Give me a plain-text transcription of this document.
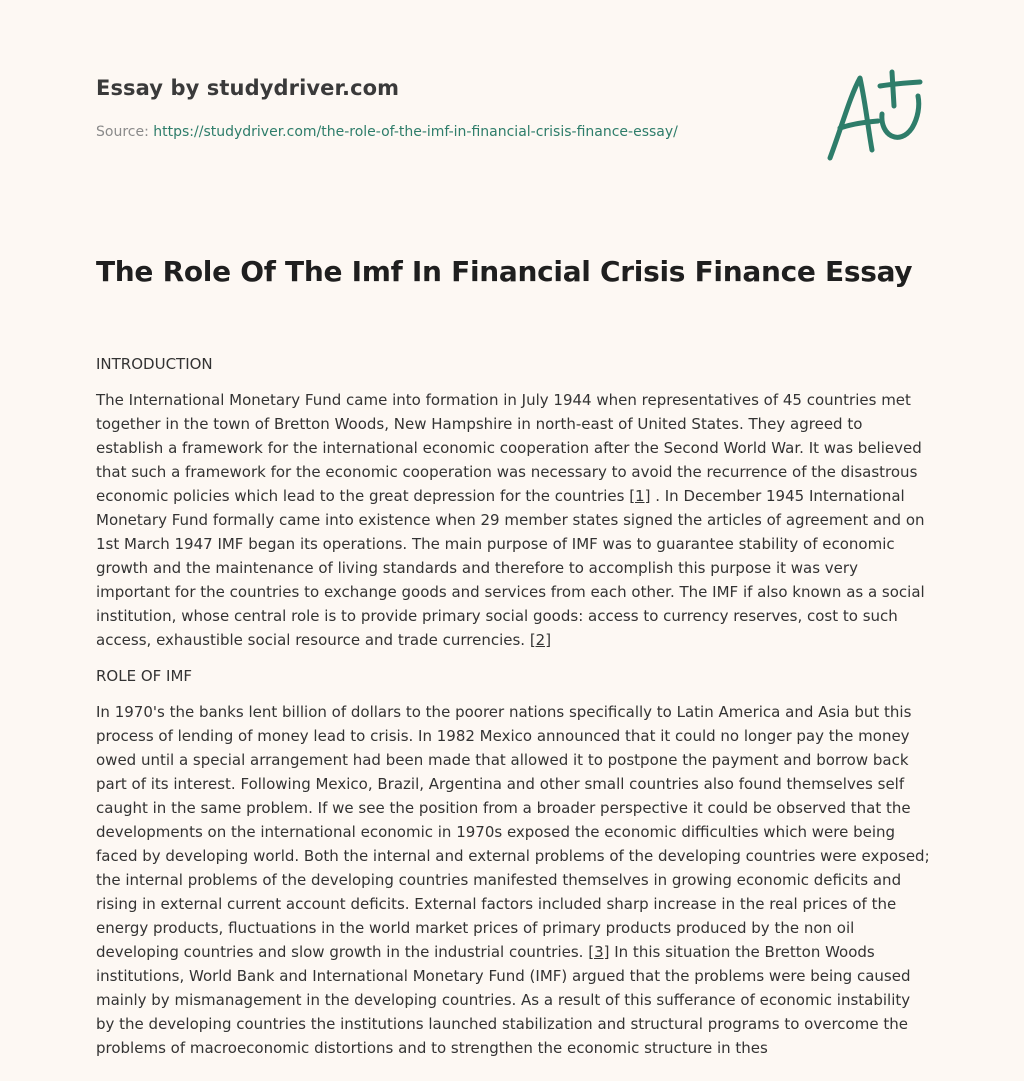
Essay by studydriver.com
Source: https://studydriver.com/the-role-of-the-imf-in-financial-crisis-finance-essay/
The Role Of The Imf In Financial Crisis Finance Essay

INTRODUCTION

The International Monetary Fund came into formation in July 1944 when representatives of 45 countries met together in the town of Bretton Woods, New Hampshire in north-east of United States. They agreed to establish a framework for the international economic cooperation after the Second World War. It was believed that such a framework for the economic cooperation was necessary to avoid the recurrence of the disastrous economic policies which lead to the great depression for the countries [1] . In December 1945 International Monetary Fund formally came into existence when 29 member states signed the articles of agreement and on 1st March 1947 IMF began its operations. The main purpose of IMF was to guarantee stability of economic growth and the maintenance of living standards and therefore to accomplish this purpose it was very important for the countries to exchange goods and services from each other. The IMF if also known as a social institution, whose central role is to provide primary social goods: access to currency reserves, cost to such access, exhaustible social resource and trade currencies. [2]

ROLE OF IMF

In 1970's the banks lent billion of dollars to the poorer nations specifically to Latin America and Asia but this process of lending of money lead to crisis. In 1982 Mexico announced that it could no longer pay the money owed until a special arrangement had been made that allowed it to postpone the payment and borrow back part of its interest. Following Mexico, Brazil, Argentina and other small countries also found themselves self caught in the same problem. If we see the position from a broader perspective it could be observed that the developments on the international economic in 1970s exposed the economic difficulties which were being faced by developing world. Both the internal and external problems of the developing countries were exposed; the internal problems of the developing countries manifested themselves in growing economic deficits and rising in external current account deficits. External factors included sharp increase in the real prices of the energy products, fluctuations in the world market prices of primary products produced by the non oil developing countries and slow growth in the industrial countries. [3] In this situation the Bretton Woods institutions, World Bank and International Monetary Fund (IMF) argued that the problems were being caused mainly by mismanagement in the developing countries. As a result of this sufferance of economic instability by the developing countries the institutions launched stabilization and structural programs to overcome the problems of macroeconomic distortions and to strengthen the economic structure in thes
